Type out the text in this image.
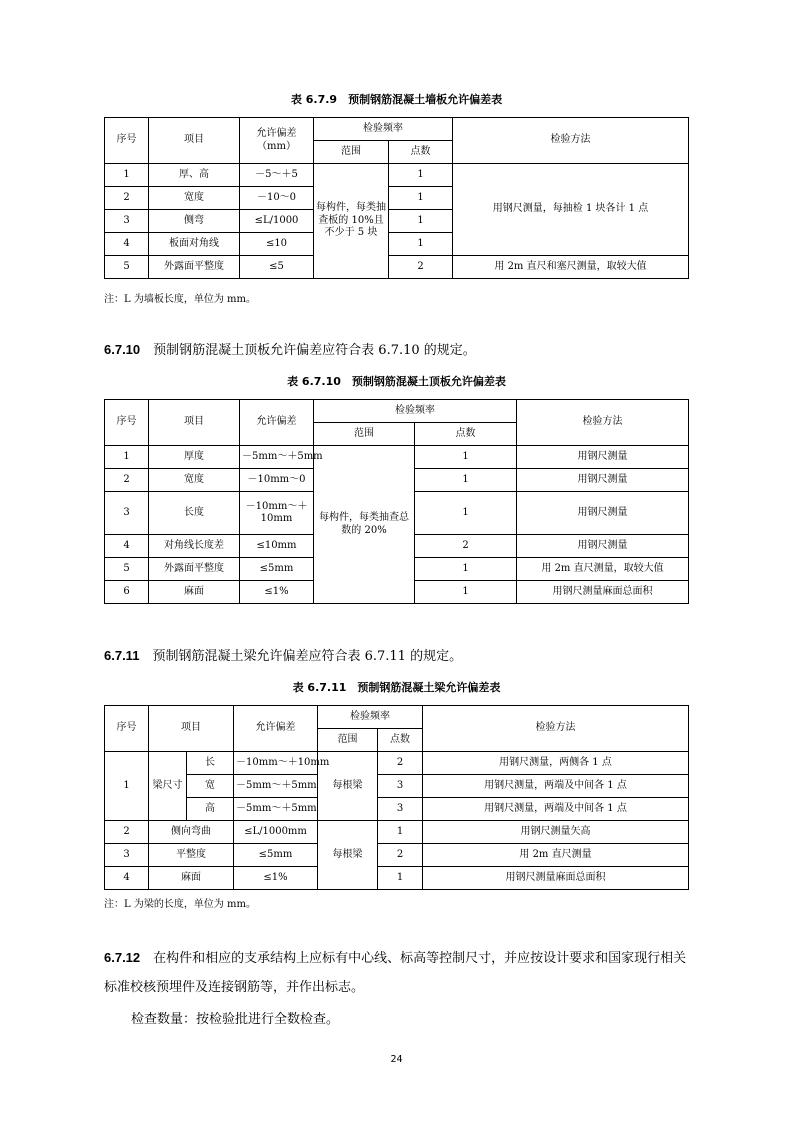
表 6.7.9　预制钢筋混凝土墙板允许偏差表
序号	项目	允许偏差（mm）	检验频率		检验方法
			范围	点数	
1	厚、高	－5～＋5	每构件，每类抽查板的 10%且不少于 5 块	1	用钢尺测量，每抽检 1 块各计 1 点
2	宽度	－10～0		1	
3	侧弯	≤L/1000		1	
4	板面对角线	≤10		1	
5	外露面平整度	≤5		2	用 2m 直尺和塞尺测量，取较大值
注：L 为墙板长度，单位为 mm。
6.7.10　 预制钢筋混凝土顶板允许偏差应符合表 6.7.10 的规定。
表 6.7.10　预制钢筋混凝土顶板允许偏差表
序号	项目	允许偏差	检验频率		检验方法
			范围	点数	
1	厚度	－5mm～＋5mm	每构件，每类抽查总数的 20%	1	用钢尺测量
2	宽度	－10mm～0		1	用钢尺测量
3	长度	－10mm～＋10mm		1	用钢尺测量
4	对角线长度差	≤10mm		2	用钢尺测量
5	外露面平整度	≤5mm		1	用 2m 直尺测量，取较大值
6	麻面	≤1%		1	用钢尺测量麻面总面积
6.7.11　 预制钢筋混凝土梁允许偏差应符合表 6.7.11 的规定。
表 6.7.11　预制钢筋混凝土梁允许偏差表
序号	项目		允许偏差	检验频率		检验方法
				范围	点数	
1	梁尺寸	长	－10mm～＋10mm	每根梁	2	用钢尺测量，两侧各 1 点
		宽	－5mm～＋5mm		3	用钢尺测量，两端及中间各 1 点
		高	－5mm～＋5mm		3	用钢尺测量，两端及中间各 1 点
2	侧向弯曲		≤L/1000mm	每根梁	1	用钢尺测量矢高
3	平整度		≤5mm		2	用 2m 直尺测量
4	麻面		≤1%		1	用钢尺测量麻面总面积
注：L 为梁的长度，单位为 mm。
6.7.12　 在构件和相应的支承结构上应标有中心线、标高等控制尺寸，并应按设计要求和国家现行相关标准校核预埋件及连接钢筋等，并作出标志。
检查数量：按检验批进行全数检查。
24
